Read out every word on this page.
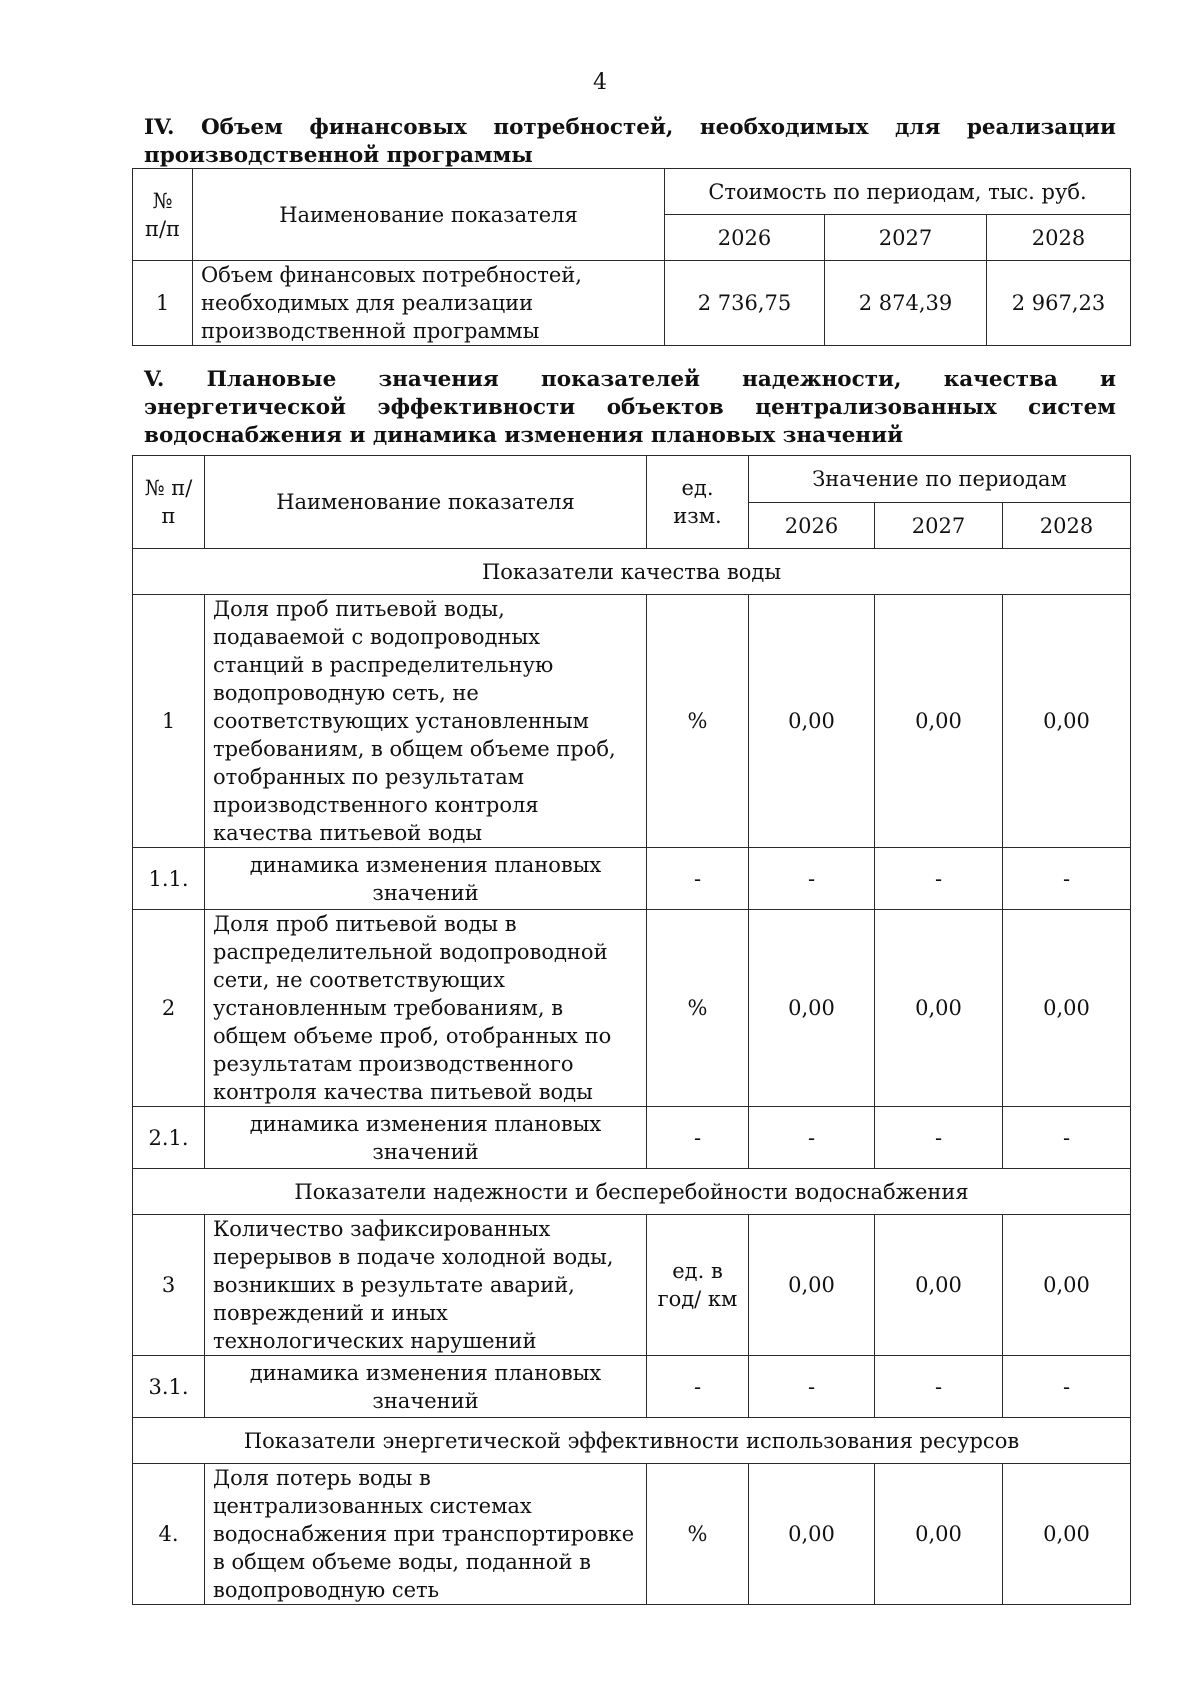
4
IV. Объем финансовых потребностей, необходимых для реализации производственной программы
№ п/п	Наименование показателя	Стоимость по периодам, тыс. руб.		
		2026	2027	2028
1	Объем финансовых потребностей, необходимых для реализации производственной программы	2 736,75	2 874,39	2 967,23
V. Плановые значения показателей надежности, качества и энергетической эффективности объектов централизованных систем водоснабжения и динамика изменения плановых значений
№ п/п	Наименование показателя	ед. изм.	Значение по периодам		
			2026	2027	2028
Показатели качества воды					
1	Доля проб питьевой воды, подаваемой с водопроводных станций в распределительную водопроводную сеть, не соответствующих установленным требованиям, в общем объеме проб, отобранных по результатам производственного контроля качества питьевой воды	%	0,00	0,00	0,00
1.1.	динамика изменения плановых значений	-	-	-	-
2	Доля проб питьевой воды в распределительной водопроводной сети, не соответствующих установленным требованиям, в общем объеме проб, отобранных по результатам производственного контроля качества питьевой воды	%	0,00	0,00	0,00
2.1.	динамика изменения плановых значений	-	-	-	-
Показатели надежности и бесперебойности водоснабжения					
3	Количество зафиксированных перерывов в подаче холодной воды, возникших в результате аварий, повреждений и иных технологических нарушений	ед. в год/ км	0,00	0,00	0,00
3.1.	динамика изменения плановых значений	-	-	-	-
Показатели энергетической эффективности использования ресурсов					
4.	Доля потерь воды в централизованных системах водоснабжения при транспортировке в общем объеме воды, поданной в водопроводную сеть	%	0,00	0,00	0,00
